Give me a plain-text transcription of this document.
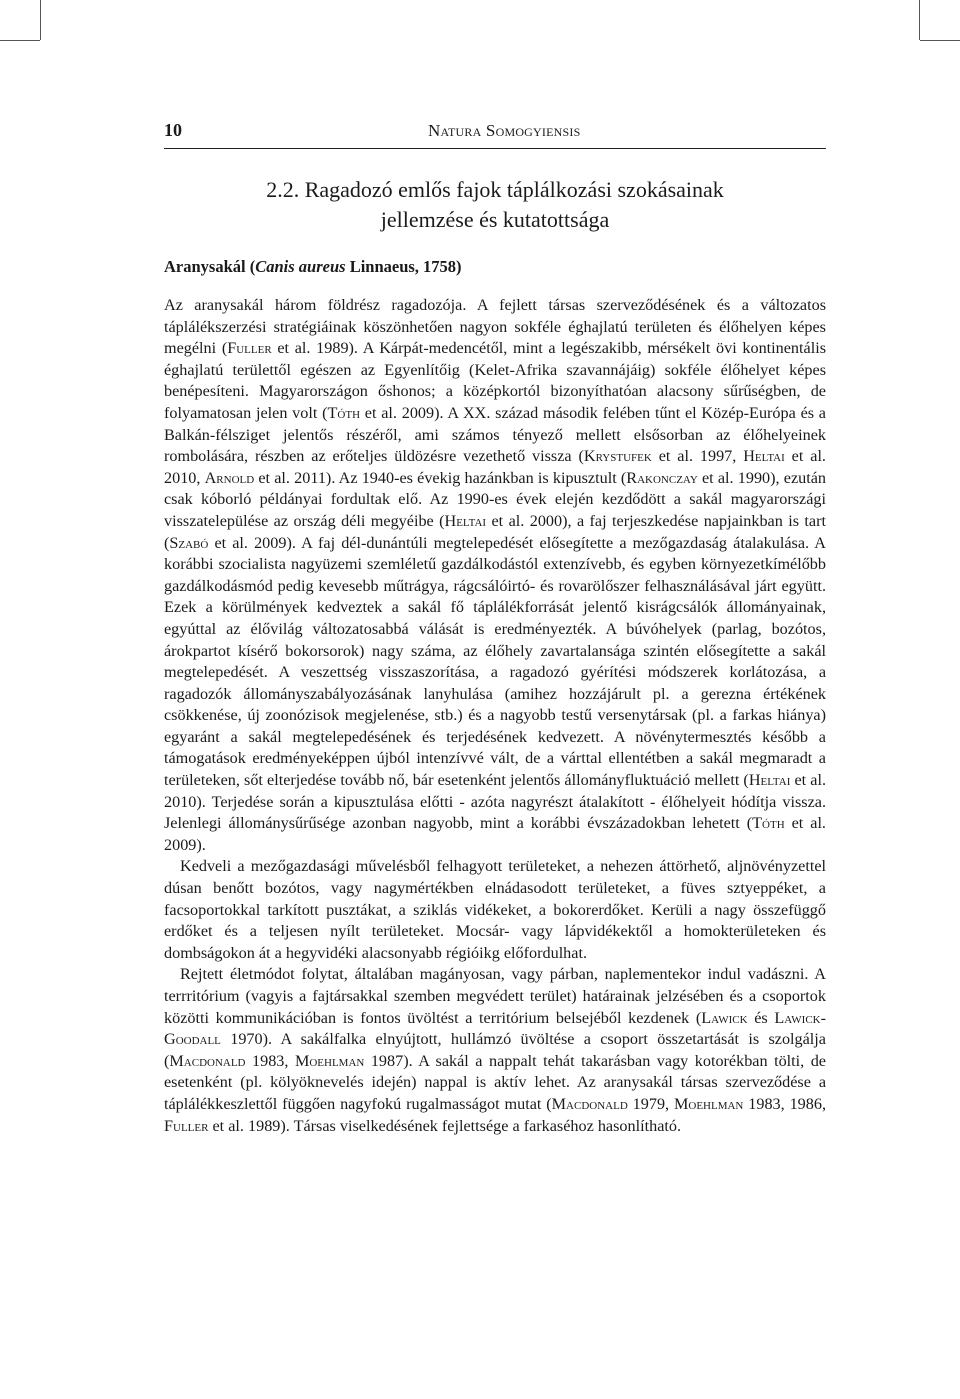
10	Natura Somogyiensis
2.2. Ragadozó emlős fajok táplálkozási szokásainak
jellemzése és kutatottsága
Aranysakál (Canis aureus Linnaeus, 1758)

Az aranysakál három földrész ragadozója. A fejlett társas szerveződésének és a változatos táplálékszerzési stratégiáinak köszönhetően nagyon sokféle éghajlatú területen és élőhelyen képes megélni (Fuller et al. 1989). A Kárpát-medencétől, mint a legészakibb, mérsékelt övi kontinentális éghajlatú területtől egészen az Egyenlítőig (Kelet-Afrika szavannájáig) sokféle élőhelyet képes benépesíteni. Magyarországon őshonos; a középkortól bizonyíthatóan alacsony sűrűségben, de folyamatosan jelen volt (Tóth et al. 2009). A XX. század második felében tűnt el Közép-Európa és a Balkán-félsziget jelentős részéről, ami számos tényező mellett elsősorban az élőhelyeinek rombolására, részben az erőteljes üldözésre vezethető vissza (Krystufek et al. 1997, Heltai et al. 2010, Arnold et al. 2011). Az 1940-es évekig hazánkban is kipusztult (Rakonczay et al. 1990), ezután csak kóborló példányai fordultak elő. Az 1990-es évek elején kezdődött a sakál magyarországi visszatelepülése az ország déli megyéibe (Heltai et al. 2000), a faj terjeszkedése napjainkban is tart (Szabó et al. 2009). A faj dél-dunántúli megtelepedését elősegítette a mezőgazdaság átalakulása. A korábbi szocialista nagyüzemi szemléletű gazdálkodástól extenzívebb, és egyben környezetkímélőbb gazdálkodásmód pedig kevesebb műtrágya, rágcsálóirtó- és rovarölőszer felhasználásával járt együtt. Ezek a körülmények kedveztek a sakál fő táplálékforrását jelentő kisrágcsálók állományainak, egyúttal az élővilág változatosabbá válását is eredményezték. A búvóhelyek (parlag, bozótos, árokpartot kísérő bokorsorok) nagy száma, az élőhely zavartalansága szintén elősegítette a sakál megtelepedését. A veszettség visszaszorítása, a ragadozó gyérítési módszerek korlátozása, a ragadozók állományszabályozásának lanyhulása (amihez hozzájárult pl. a gerezna értékének csökkenése, új zoonózisok megjelenése, stb.) és a nagyobb testű versenytársak (pl. a farkas hiánya) egyaránt a sakál megtelepedésének és terjedésének kedvezett. A növénytermesztés később a támogatások eredményeképpen újból intenzívvé vált, de a várttal ellentétben a sakál megmaradt a területeken, sőt elterjedése tovább nő, bár esetenként jelentős állományfluktuáció mellett (Heltai et al. 2010). Terjedése során a kipusztulása előtti - azóta nagyrészt átalakított - élőhelyeit hódítja vissza. Jelenlegi állománysűrűsége azonban nagyobb, mint a korábbi évszázadokban lehetett (Tóth et al. 2009).

Kedveli a mezőgazdasági művelésből felhagyott területeket, a nehezen áttörhető, aljnövényzettel dúsan benőtt bozótos, vagy nagymértékben elnádasodott területeket, a füves sztyeppéket, a facsoportokkal tarkított pusztákat, a sziklás vidékeket, a bokorerdőket. Kerüli a nagy összefüggő erdőket és a teljesen nyílt területeket. Mocsár- vagy lápvidékektől a homokterületeken és dombságokon át a hegyvidéki alacsonyabb régióikg előfordulhat.

Rejtett életmódot folytat, általában magányosan, vagy párban, naplementekor indul vadászni. A terrritórium (vagyis a fajtársakkal szemben megvédett terület) határainak jelzésében és a csoportok közötti kommunikációban is fontos üvöltést a territórium belsejéből kezdenek (Lawick és Lawick-Goodall 1970). A sakálfalka elnyújtott, hullámzó üvöltése a csoport összetartását is szolgálja (Macdonald 1983, Moehlman 1987). A sakál a nappalt tehát takarásban vagy kotorékban tölti, de esetenként (pl. kölyöknevelés idején) nappal is aktív lehet. Az aranysakál társas szerveződése a táplálékkeszlettől függően nagyfokú rugalmasságot mutat (Macdonald 1979, Moehlman 1983, 1986, Fuller et al. 1989). Társas viselkedésének fejlettsége a farkaséhoz hasonlítható.
